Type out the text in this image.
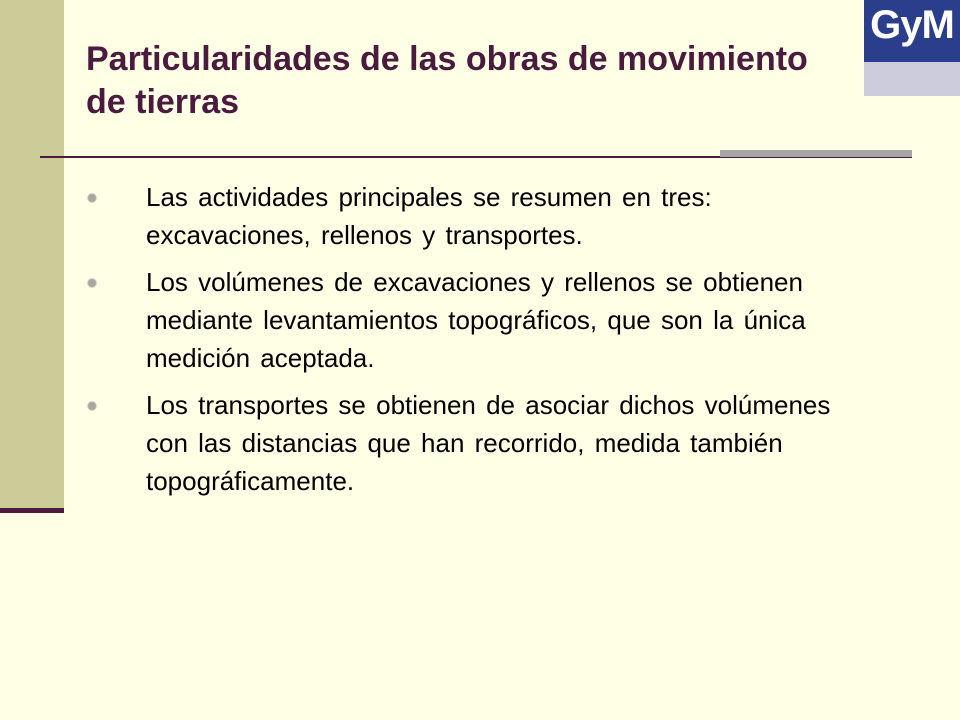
Particularidades de las obras de movimiento de tierras
GyM
Las actividades principales se resumen en tres: excavaciones, rellenos y transportes.
Los volúmenes de excavaciones y rellenos se obtienen mediante levantamientos topográficos, que son la única medición aceptada.
Los transportes se obtienen de asociar dichos volúmenes con las distancias que han recorrido, medida también topográficamente.
